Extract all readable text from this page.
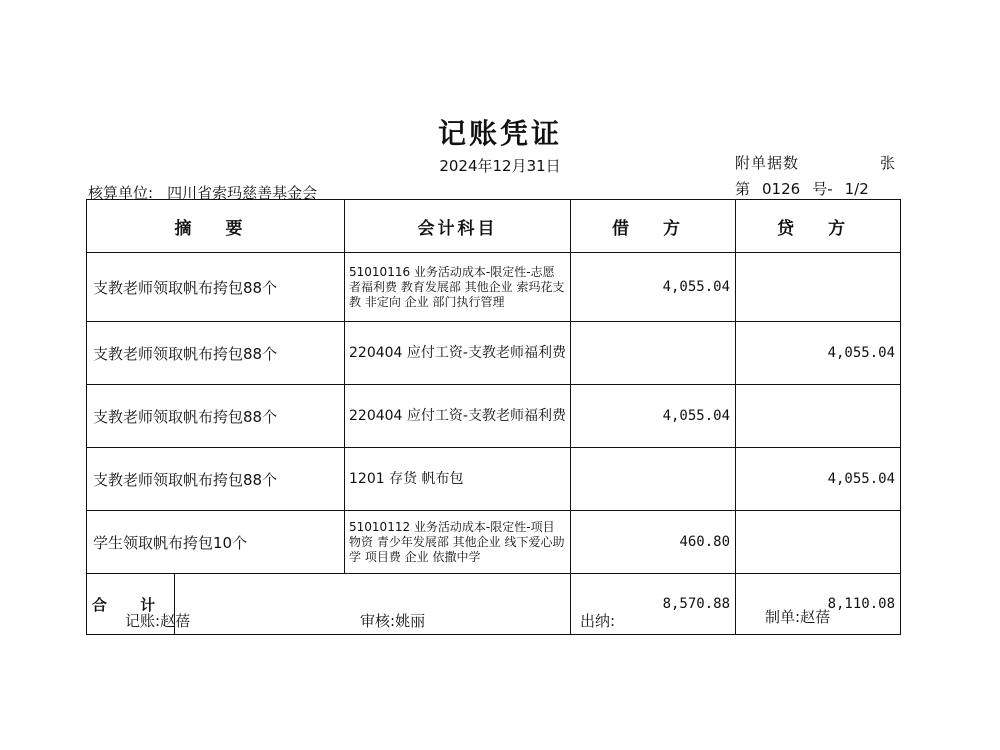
记账凭证
2024年12月31日	附单据数	张
核算单位: 四川省索玛慈善基金会	第 0126 号- 1/2
摘 要		会计科目	借 方	贷 方
支教老师领取帆布挎包88个		51010116 业务活动成本-限定性-志愿者福利费 教育发展部 其他企业 索玛花支教 非定向 企业 部门执行管理	4,055.04	
支教老师领取帆布挎包88个		220404 应付工资-支教老师福利费		4,055.04
支教老师领取帆布挎包88个		220404 应付工资-支教老师福利费	4,055.04	
支教老师领取帆布挎包88个		1201 存货 帆布包		4,055.04
学生领取帆布挎包10个		51010112 业务活动成本-限定性-项目物资 青少年发展部 其他企业 线下爱心助学 项目费 企业 依撒中学	460.80	
合 计			8,570.88	8,110.08
记账:赵蓓	审核:姚丽	出纳:	制单:赵蓓
